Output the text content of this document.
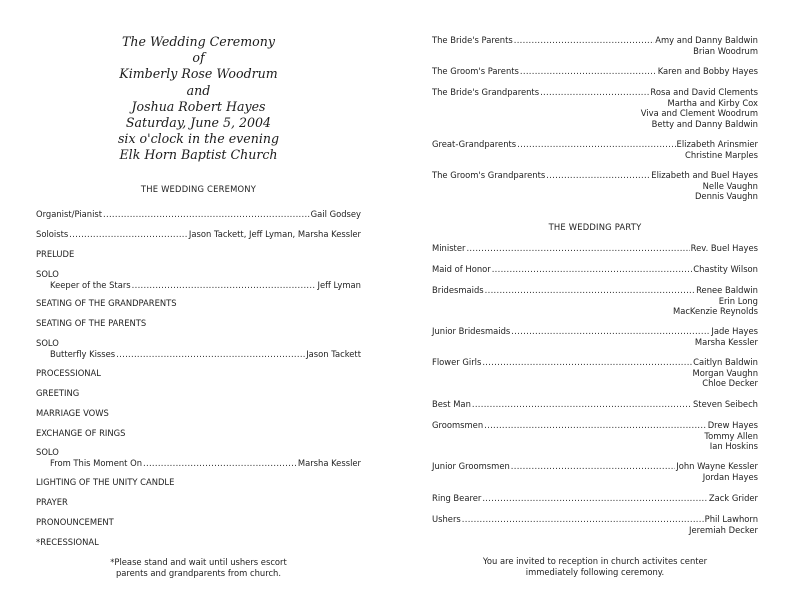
The Wedding Ceremony
of
Kimberly Rose Woodrum
and
Joshua Robert Hayes
Saturday, June 5, 2004
six o'clock in the evening
Elk Horn Baptist Church
THE WEDDING CEREMONY
Organist/Pianist .....	Gail Godsey
Soloists .....	Jason Tackett, Jeff Lyman, Marsha Kessler
PRELUDE
SOLO
Keeper of the Stars .....	Jeff Lyman
SEATING OF THE GRANDPARENTS
SEATING OF THE PARENTS
SOLO
Butterfly Kisses .....	Jason Tackett
PROCESSIONAL
GREETING
MARRIAGE VOWS
EXCHANGE OF RINGS
SOLO
From This Moment On .....	Marsha Kessler
LIGHTING OF THE UNITY CANDLE
PRAYER
PRONOUNCEMENT
*RECESSIONAL
*Please stand and wait until ushers escort
parents and grandparents from church.
The Bride's Parents .....	Amy and Danny Baldwin
Brian Woodrum
The Groom's Parents .....	Karen and Bobby Hayes
The Bride's Grandparents .....	Rosa and David Clements
Martha and Kirby Cox
Viva and Clement Woodrum
Betty and Danny Baldwin
Great-Grandparents .....	Elizabeth Arinsmier
Christine Marples
The Groom's Grandparents .....	Elizabeth and Buel Hayes
Nelle Vaughn
Dennis Vaughn
THE WEDDING PARTY
Minister .....	Rev. Buel Hayes
Maid of Honor .....	Chastity Wilson
Bridesmaids .....	Renee Baldwin
Erin Long
MacKenzie Reynolds
Junior Bridesmaids .....	Jade Hayes
Marsha Kessler
Flower Girls .....	Caitlyn Baldwin
Morgan Vaughn
Chloe Decker
Best Man .....	Steven Seibech
Groomsmen .....	Drew Hayes
Tommy Allen
Ian Hoskins
Junior Groomsmen .....	John Wayne Kessler
Jordan Hayes
Ring Bearer .....	Zack Grider
Ushers .....	Phil Lawhorn
Jeremiah Decker
You are invited to reception in church activites center
immediately following ceremony.
